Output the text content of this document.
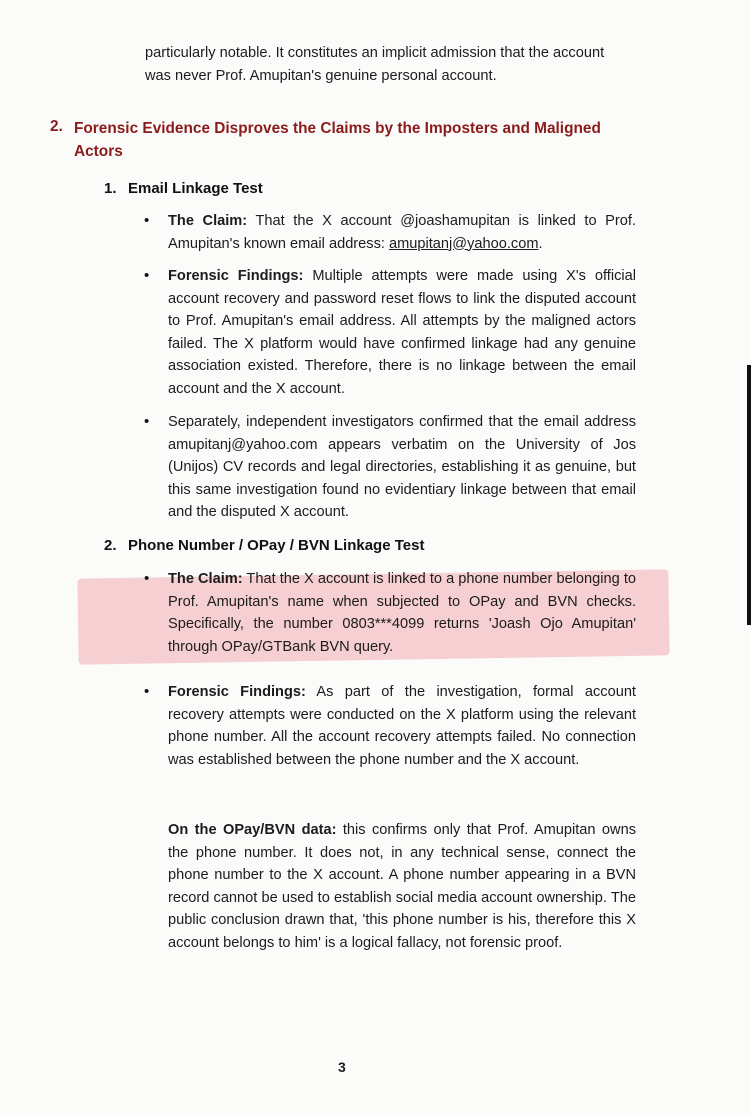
particularly notable. It constitutes an implicit admission that the account
was never Prof. Amupitan's genuine personal account.

2. Forensic Evidence Disproves the Claims by the Imposters and Maligned Actors
1. Email Linkage Test
• The Claim: That the X account @joashamupitan is linked to Prof. Amupitan's known email address: amupitanj@yahoo.com.

• Forensic Findings: Multiple attempts were made using X's official account recovery and password reset flows to link the disputed account to Prof. Amupitan's email address. All attempts by the maligned actors failed. The X platform would have confirmed linkage had any genuine association existed. Therefore, there is no linkage between the email account and the X account.

• Separately, independent investigators confirmed that the email address amupitanj@yahoo.com appears verbatim on the University of Jos (Unijos) CV records and legal directories, establishing it as genuine, but this same investigation found no evidentiary linkage between that email and the disputed X account.

2. Phone Number / OPay / BVN Linkage Test
• The Claim: That the X account is linked to a phone number belonging to Prof. Amupitan's name when subjected to OPay and BVN checks. Specifically, the number 0803***4099 returns 'Joash Ojo Amupitan' through OPay/GTBank BVN query.

• Forensic Findings: As part of the investigation, formal account recovery attempts were conducted on the X platform using the relevant phone number. All the account recovery attempts failed. No connection was established between the phone number and the X account.

On the OPay/BVN data: this confirms only that Prof. Amupitan owns the phone number. It does not, in any technical sense, connect the phone number to the X account. A phone number appearing in a BVN record cannot be used to establish social media account ownership. The public conclusion drawn that, 'this phone number is his, therefore this X account belongs to him' is a logical fallacy, not forensic proof.

3
